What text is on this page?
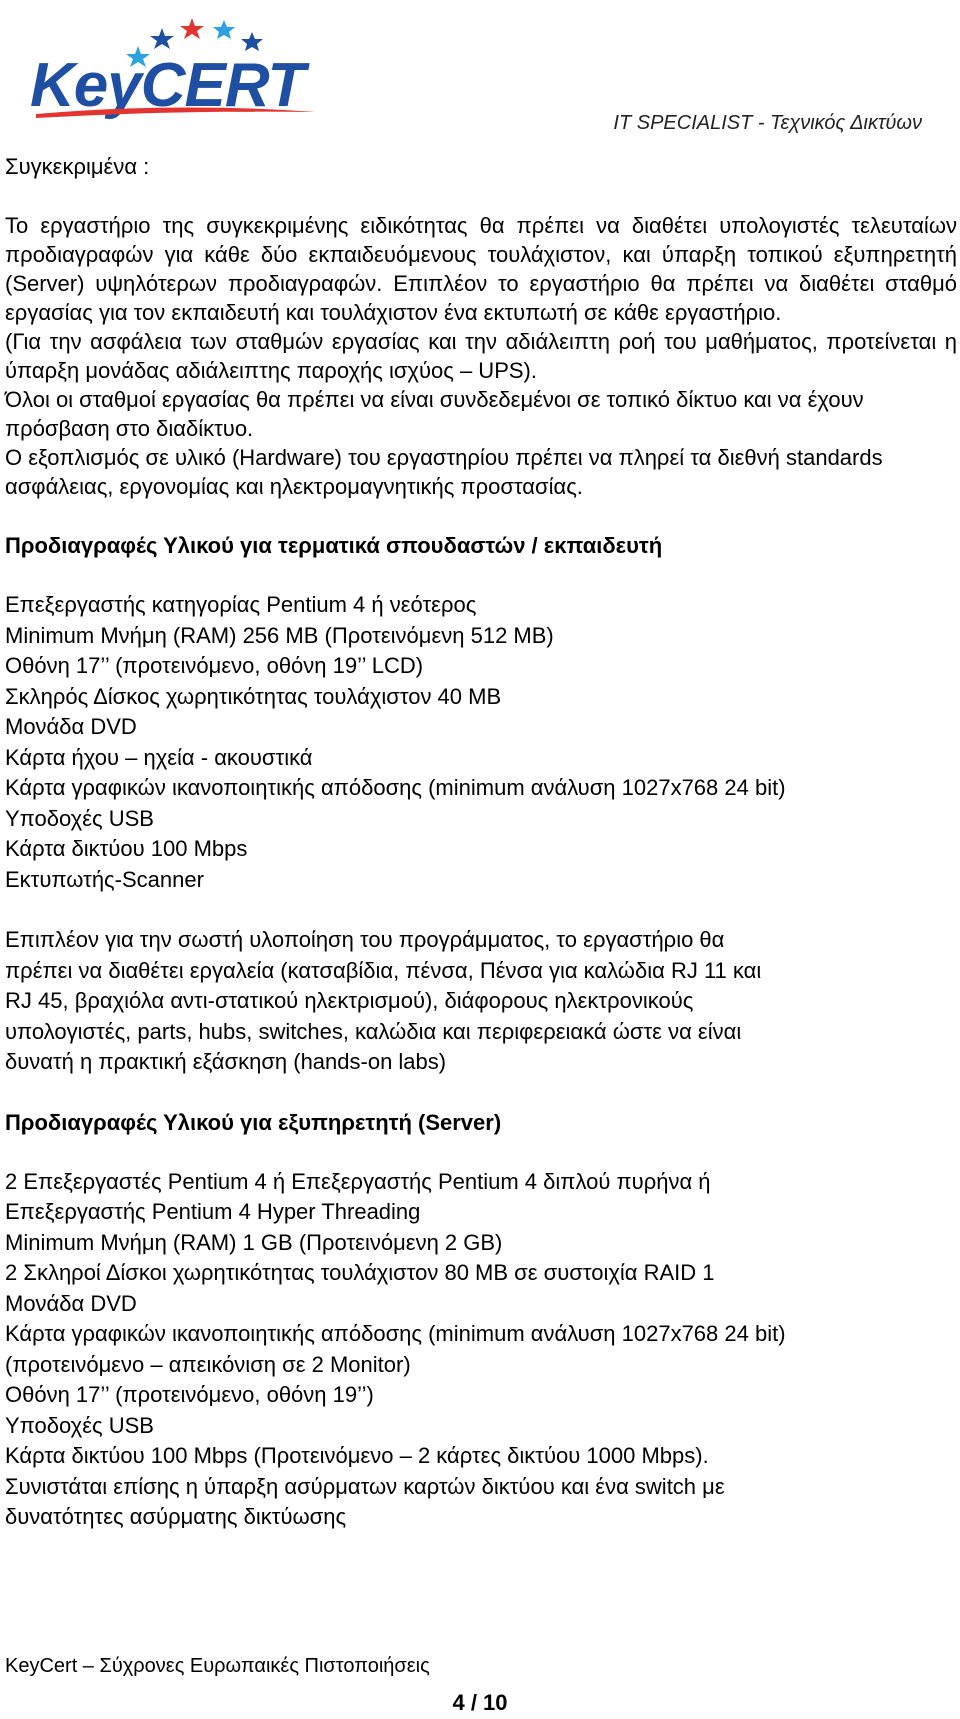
KeyCERT
IT SPECIALIST - Τεχνικός Δικτύων

Συγκεκριμένα :

Το εργαστήριο της συγκεκριμένης ειδικότητας θα πρέπει να διαθέτει υπολογιστές τελευταίων προδιαγραφών για κάθε δύο εκπαιδευόμενους τουλάχιστον, και ύπαρξη τοπικού εξυπηρετητή (Server) υψηλότερων προδιαγραφών. Επιπλέον το εργαστήριο θα πρέπει να διαθέτει σταθμό εργασίας για τον εκπαιδευτή και τουλάχιστον ένα εκτυπωτή σε κάθε εργαστήριο.

(Για την ασφάλεια των σταθμών εργασίας και την αδιάλειπτη ροή του μαθήματος, προτείνεται η ύπαρξη μονάδας αδιάλειπτης παροχής ισχύος – UPS).

Όλοι οι σταθμοί εργασίας θα πρέπει να είναι συνδεδεμένοι σε τοπικό δίκτυο και να έχουν πρόσβαση στο διαδίκτυο.

Ο εξοπλισμός σε υλικό (Hardware) του εργαστηρίου πρέπει να πληρεί τα διεθνή standards ασφάλειας, εργονομίας και ηλεκτρομαγνητικής προστασίας.

Προδιαγραφές Υλικού για τερματικά σπουδαστών / εκπαιδευτή
Επεξεργαστής κατηγορίας Pentium 4 ή νεότερος
Minimum Μνήμη (RAM) 256 MB (Προτεινόμενη 512 MB)
Οθόνη 17’’ (προτεινόμενο, οθόνη 19’’ LCD)
Σκληρός Δίσκος χωρητικότητας τουλάχιστον 40 MB
Μονάδα DVD
Κάρτα ήχου – ηχεία - ακουστικά
Κάρτα γραφικών ικανοποιητικής απόδοσης (minimum ανάλυση 1027x768 24 bit)
Υποδοχές USB
Κάρτα δικτύου 100 Mbps
Εκτυπωτής-Scanner
Επιπλέον για την σωστή υλοποίηση του προγράμματος, το εργαστήριο θα
πρέπει να διαθέτει εργαλεία (κατσαβίδια, πένσα, Πένσα για καλώδια RJ 11 και
RJ 45, βραχιόλα αντι-στατικού ηλεκτρισμού), διάφορους ηλεκτρονικούς
υπολογιστές, parts, hubs, switches, καλώδια και περιφερειακά ώστε να είναι
δυνατή η πρακτική εξάσκηση (hands-on labs)
Προδιαγραφές Υλικού για εξυπηρετητή (Server)
2 Επεξεργαστές Pentium 4 ή Επεξεργαστής Pentium 4 διπλού πυρήνα ή
Επεξεργαστής Pentium 4 Hyper Threading
Minimum Μνήμη (RAM) 1 GB (Προτεινόμενη 2 GB)
2 Σκληροί Δίσκοι χωρητικότητας τουλάχιστον 80 MB σε συστοιχία RAID 1
Μονάδα DVD
Κάρτα γραφικών ικανοποιητικής απόδοσης (minimum ανάλυση 1027x768 24 bit)
(προτεινόμενο – απεικόνιση σε 2 Monitor)
Οθόνη 17’’ (προτεινόμενο, οθόνη 19’’)
Υποδοχές USB
Κάρτα δικτύου 100 Mbps (Προτεινόμενο – 2 κάρτες δικτύου 1000 Mbps).
Συνιστάται επίσης η ύπαρξη ασύρματων καρτών δικτύου και ένα switch με
δυνατότητες ασύρματης δικτύωσης
KeyCert – Σύχρονες Ευρωπαικές Πιστοποιήσεις
4 / 10
